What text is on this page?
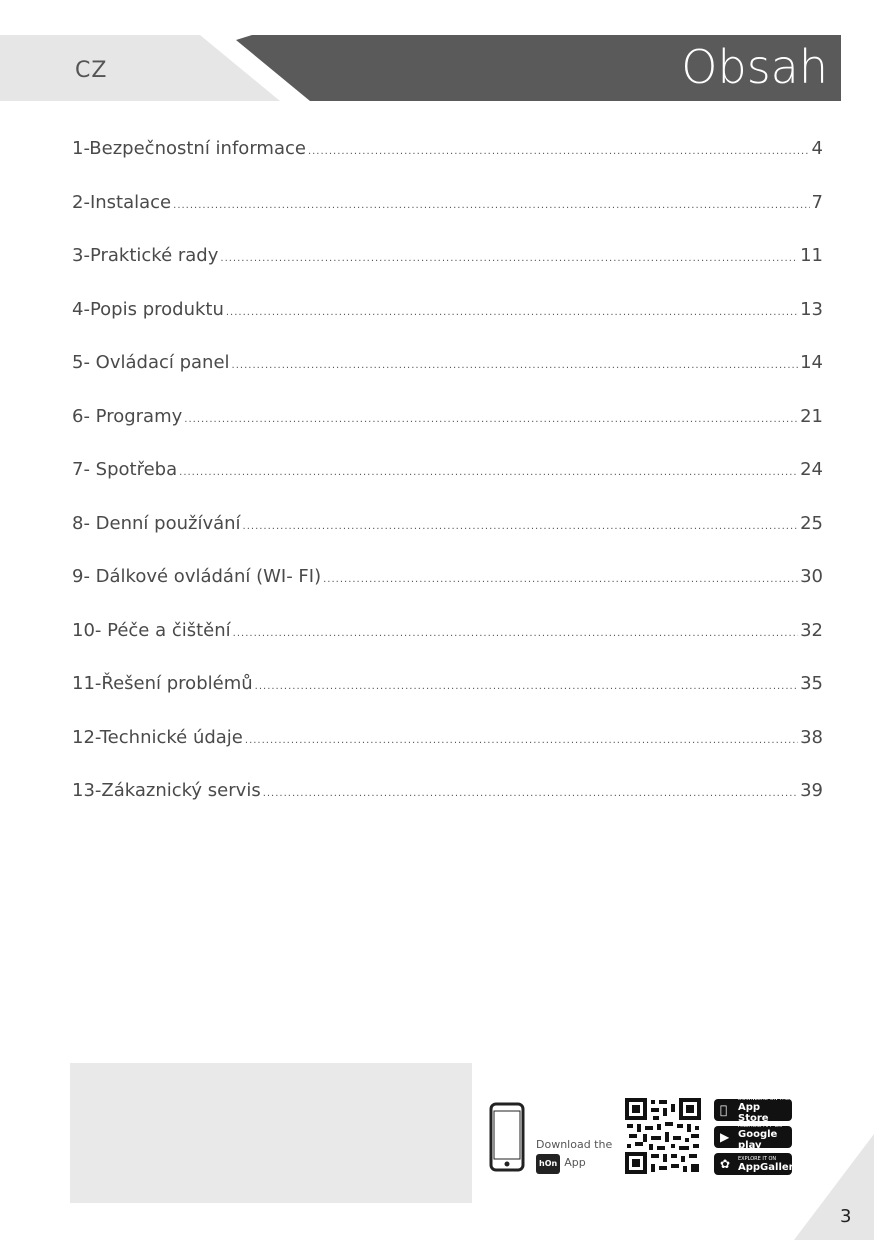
CZ	Obsah
1-Bezpečnostní informace .....	4
2-Instalace .....	7
3-Praktické rady .....	11
4-Popis produktu .....	13
5- Ovládací panel .....	14
6- Programy .....	21
7- Spotřeba .....	24
8- Denní používání .....	25
9- Dálkové ovládání (WI- FI) .....	30
10- Péče a čištění .....	32
11-Řešení problémů .....	35
12-Technické údaje .....	38
13-Zákaznický servis .....	39
Download the
hOn App
DOWNLOAD ON THE
App Store
▶
ANDROID APP ON
Google play
✿ EXPLORE IT ON
AppGallery
3
